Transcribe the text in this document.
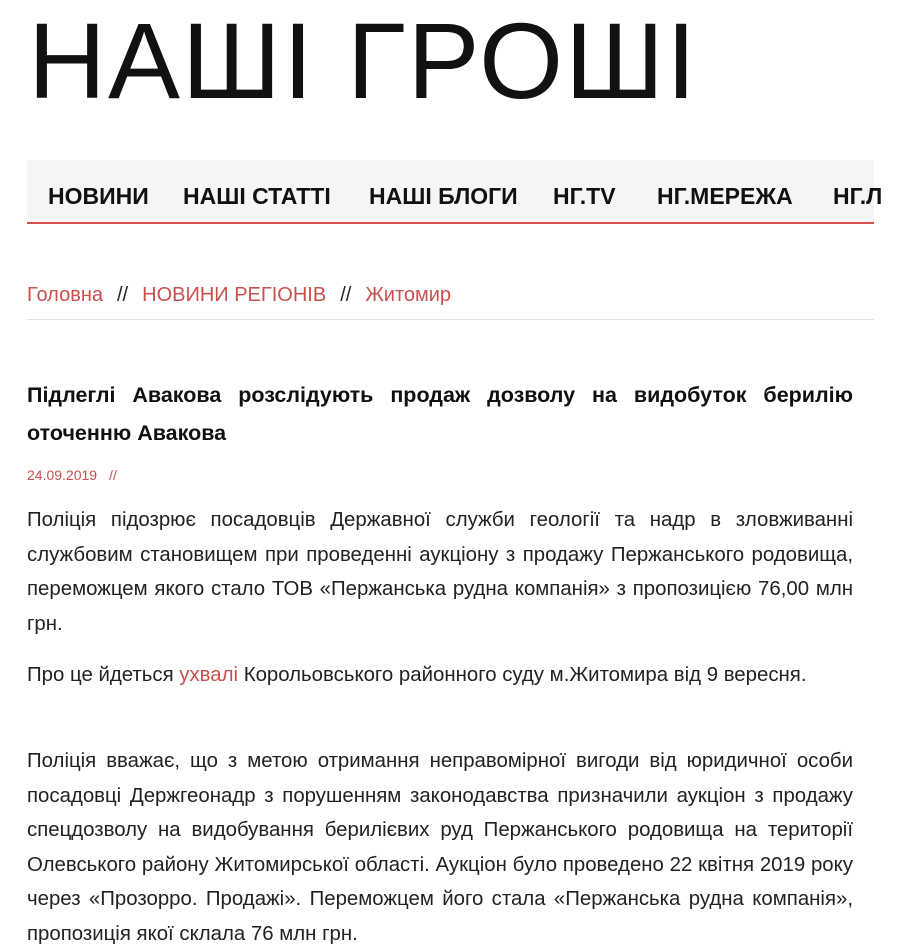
НАШІ ГРОШІ
НОВИНИ НАШІ СТАТТІ НАШІ БЛОГИ НГ.TV НГ.МЕРЕЖА НГ.Л
Головна // НОВИНИ РЕГІОНІВ // Житомир
Підлеглі Авакова розслідують продаж дозволу на видобуток берилію оточенню Авакова
24.09.2019 //

Поліція підозрює посадовців Державної служби геології та надр в зловживанні службовим становищем при проведенні аукціону з продажу Пержанського родовища, переможцем якого стало ТОВ «Пержанська рудна компанія» з пропозицією 76,00 млн грн.

Про це йдеться ухвалі Корольовського районного суду м.Житомира від 9 вересня.

Поліція вважає, що з метою отримання неправомірної вигоди від юридичної особи посадовці Держгеонадр з порушенням законодавства призначили аукціон з продажу спецдозволу на видобування берилієвих руд Пержанського родовища на території Олевського району Житомирської області. Аукціон було проведено 22 квітня 2019 року через «Прозорро. Продажі». Переможцем його стала «Пержанська рудна компанія», пропозиція якої склала 76 млн грн.
